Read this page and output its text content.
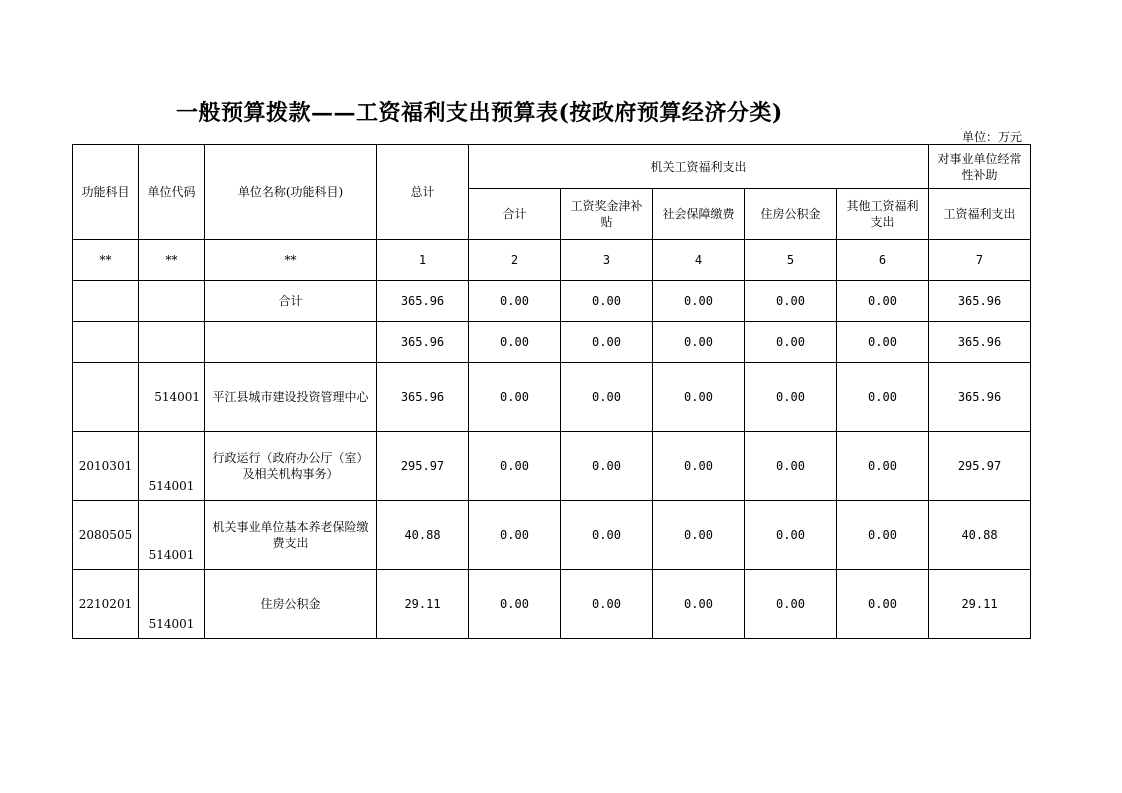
一般预算拨款——工资福利支出预算表(按政府预算经济分类)
单位：万元
功能科目	单位代码	单位名称(功能科目)	总计	机关工资福利支出					对事业单位经常性补助
				合计	工资奖金津补贴	社会保障缴费	住房公积金	其他工资福利支出	工资福利支出
**	**	**	1	2	3	4	5	6	7
		合计	365.96	0.00	0.00	0.00	0.00	0.00	365.96
			365.96	0.00	0.00	0.00	0.00	0.00	365.96
	514001	平江县城市建设投资管理中心	365.96	0.00	0.00	0.00	0.00	0.00	365.96
2010301	514001	行政运行（政府办公厅（室）及相关机构事务）	295.97	0.00	0.00	0.00	0.00	0.00	295.97
2080505	514001	机关事业单位基本养老保险缴费支出	40.88	0.00	0.00	0.00	0.00	0.00	40.88
2210201	514001	住房公积金	29.11	0.00	0.00	0.00	0.00	0.00	29.11
